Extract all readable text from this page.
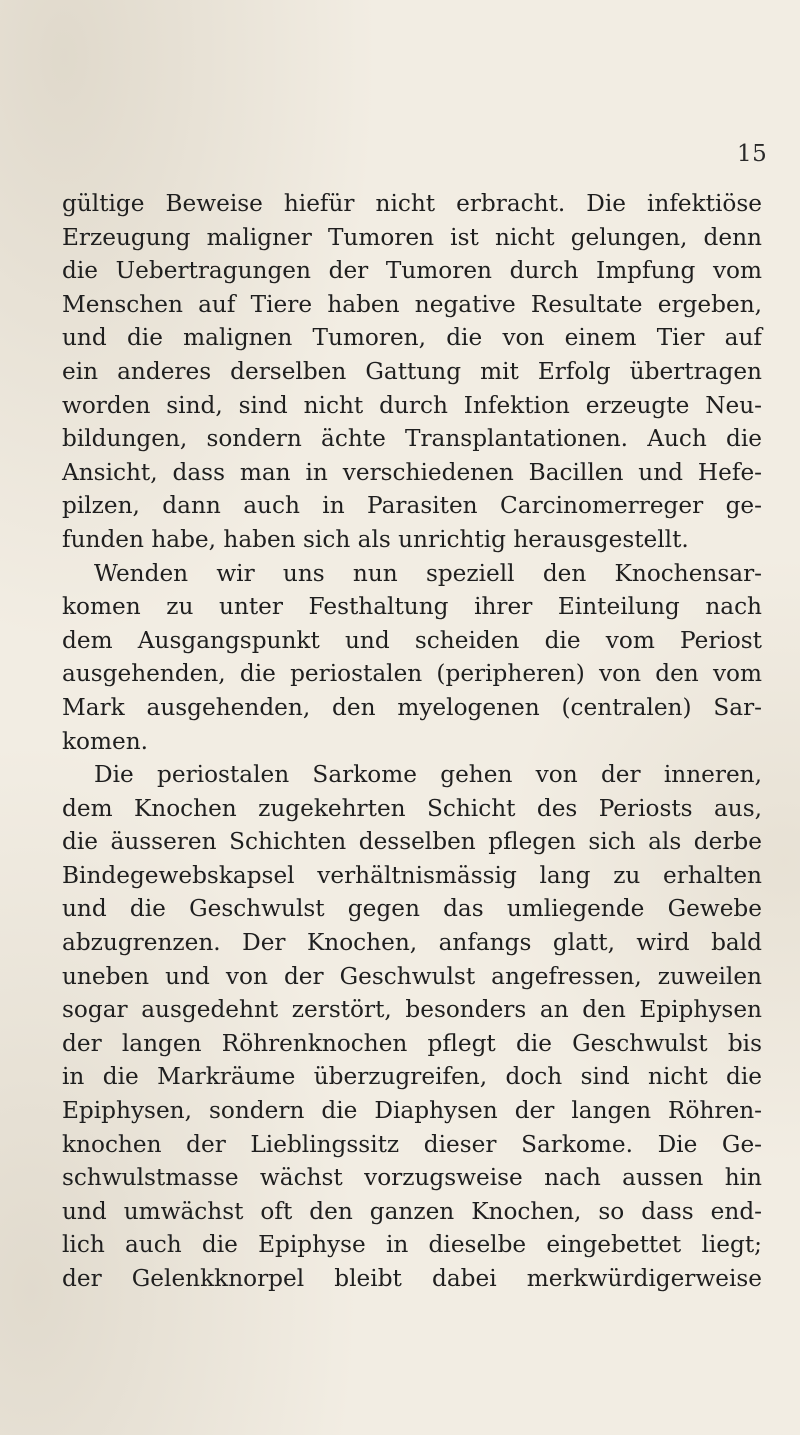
15
gültige Beweise hiefür nicht erbracht. Die infektiöse
Erzeugung maligner Tumoren ist nicht gelungen, denn
die Uebertragungen der Tumoren durch Impfung vom
Menschen auf Tiere haben negative Resultate ergeben,
und die malignen Tumoren, die von einem Tier auf
ein anderes derselben Gattung mit Erfolg übertragen
worden sind, sind nicht durch Infektion erzeugte Neu-
bildungen, sondern ächte Transplantationen. Auch die
Ansicht, dass man in verschiedenen Bacillen und Hefe-
pilzen, dann auch in Parasiten Carcinomerreger ge-
funden habe, haben sich als unrichtig herausgestellt.
Wenden wir uns nun speziell den Knochensar-
komen zu unter Festhaltung ihrer Einteilung nach
dem Ausgangspunkt und scheiden die vom Periost
ausgehenden, die periostalen (peripheren) von den vom
Mark ausgehenden, den myelogenen (centralen) Sar-
komen.
Die periostalen Sarkome gehen von der inneren,
dem Knochen zugekehrten Schicht des Periosts aus,
die äusseren Schichten desselben pflegen sich als derbe
Bindegewebskapsel verhältnismässig lang zu erhalten
und die Geschwulst gegen das umliegende Gewebe
abzugrenzen. Der Knochen, anfangs glatt, wird bald
uneben und von der Geschwulst angefressen, zuweilen
sogar ausgedehnt zerstört, besonders an den Epiphysen
der langen Röhrenknochen pflegt die Geschwulst bis
in die Markräume überzugreifen, doch sind nicht die
Epiphysen, sondern die Diaphysen der langen Röhren-
knochen der Lieblingssitz dieser Sarkome. Die Ge-
schwulstmasse wächst vorzugsweise nach aussen hin
und umwächst oft den ganzen Knochen, so dass end-
lich auch die Epiphyse in dieselbe eingebettet liegt;
der Gelenkknorpel bleibt dabei merkwürdigerweise
